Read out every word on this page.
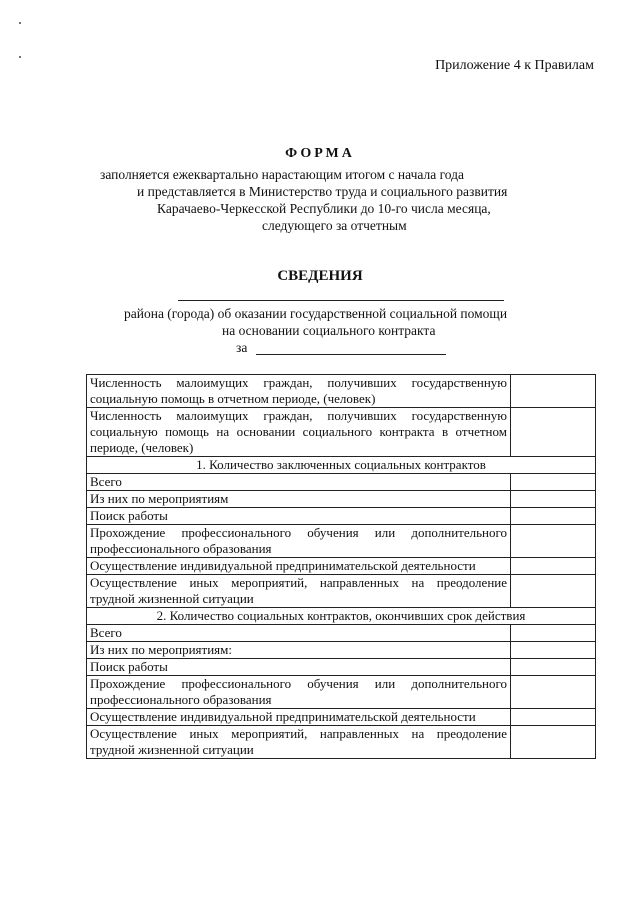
Приложение 4 к Правилам
ФОРМА
заполняется ежеквартально нарастающим итогом с начала года
и представляется в Министерство труда и социального развития
Карачаево-Черкесской Республики до 10-го числа месяца,
следующего за отчетным
СВЕДЕНИЯ
района (города) об оказании государственной социальной помощи
на основании социального контракта
за
Численность малоимущих граждан, получивших государственную социальную помощь в отчетном периоде, (человек)	
Численность малоимущих граждан, получивших государственную социальную помощь на основании социального контракта в отчетном периоде, (человек)	
1. Количество заключенных социальных контрактов	
Всего	
Из них по мероприятиям	
Поиск работы	
Прохождение профессионального обучения или дополнительного профессионального образования	
Осуществление индивидуальной предпринимательской деятельности	
Осуществление иных мероприятий, направленных на преодоление трудной жизненной ситуации	
2. Количество социальных контрактов, окончивших срок действия	
Всего	
Из них по мероприятиям:	
Поиск работы	
Прохождение профессионального обучения или дополнительного профессионального образования	
Осуществление индивидуальной предпринимательской деятельности	
Осуществление иных мероприятий, направленных на преодоление трудной жизненной ситуации	
